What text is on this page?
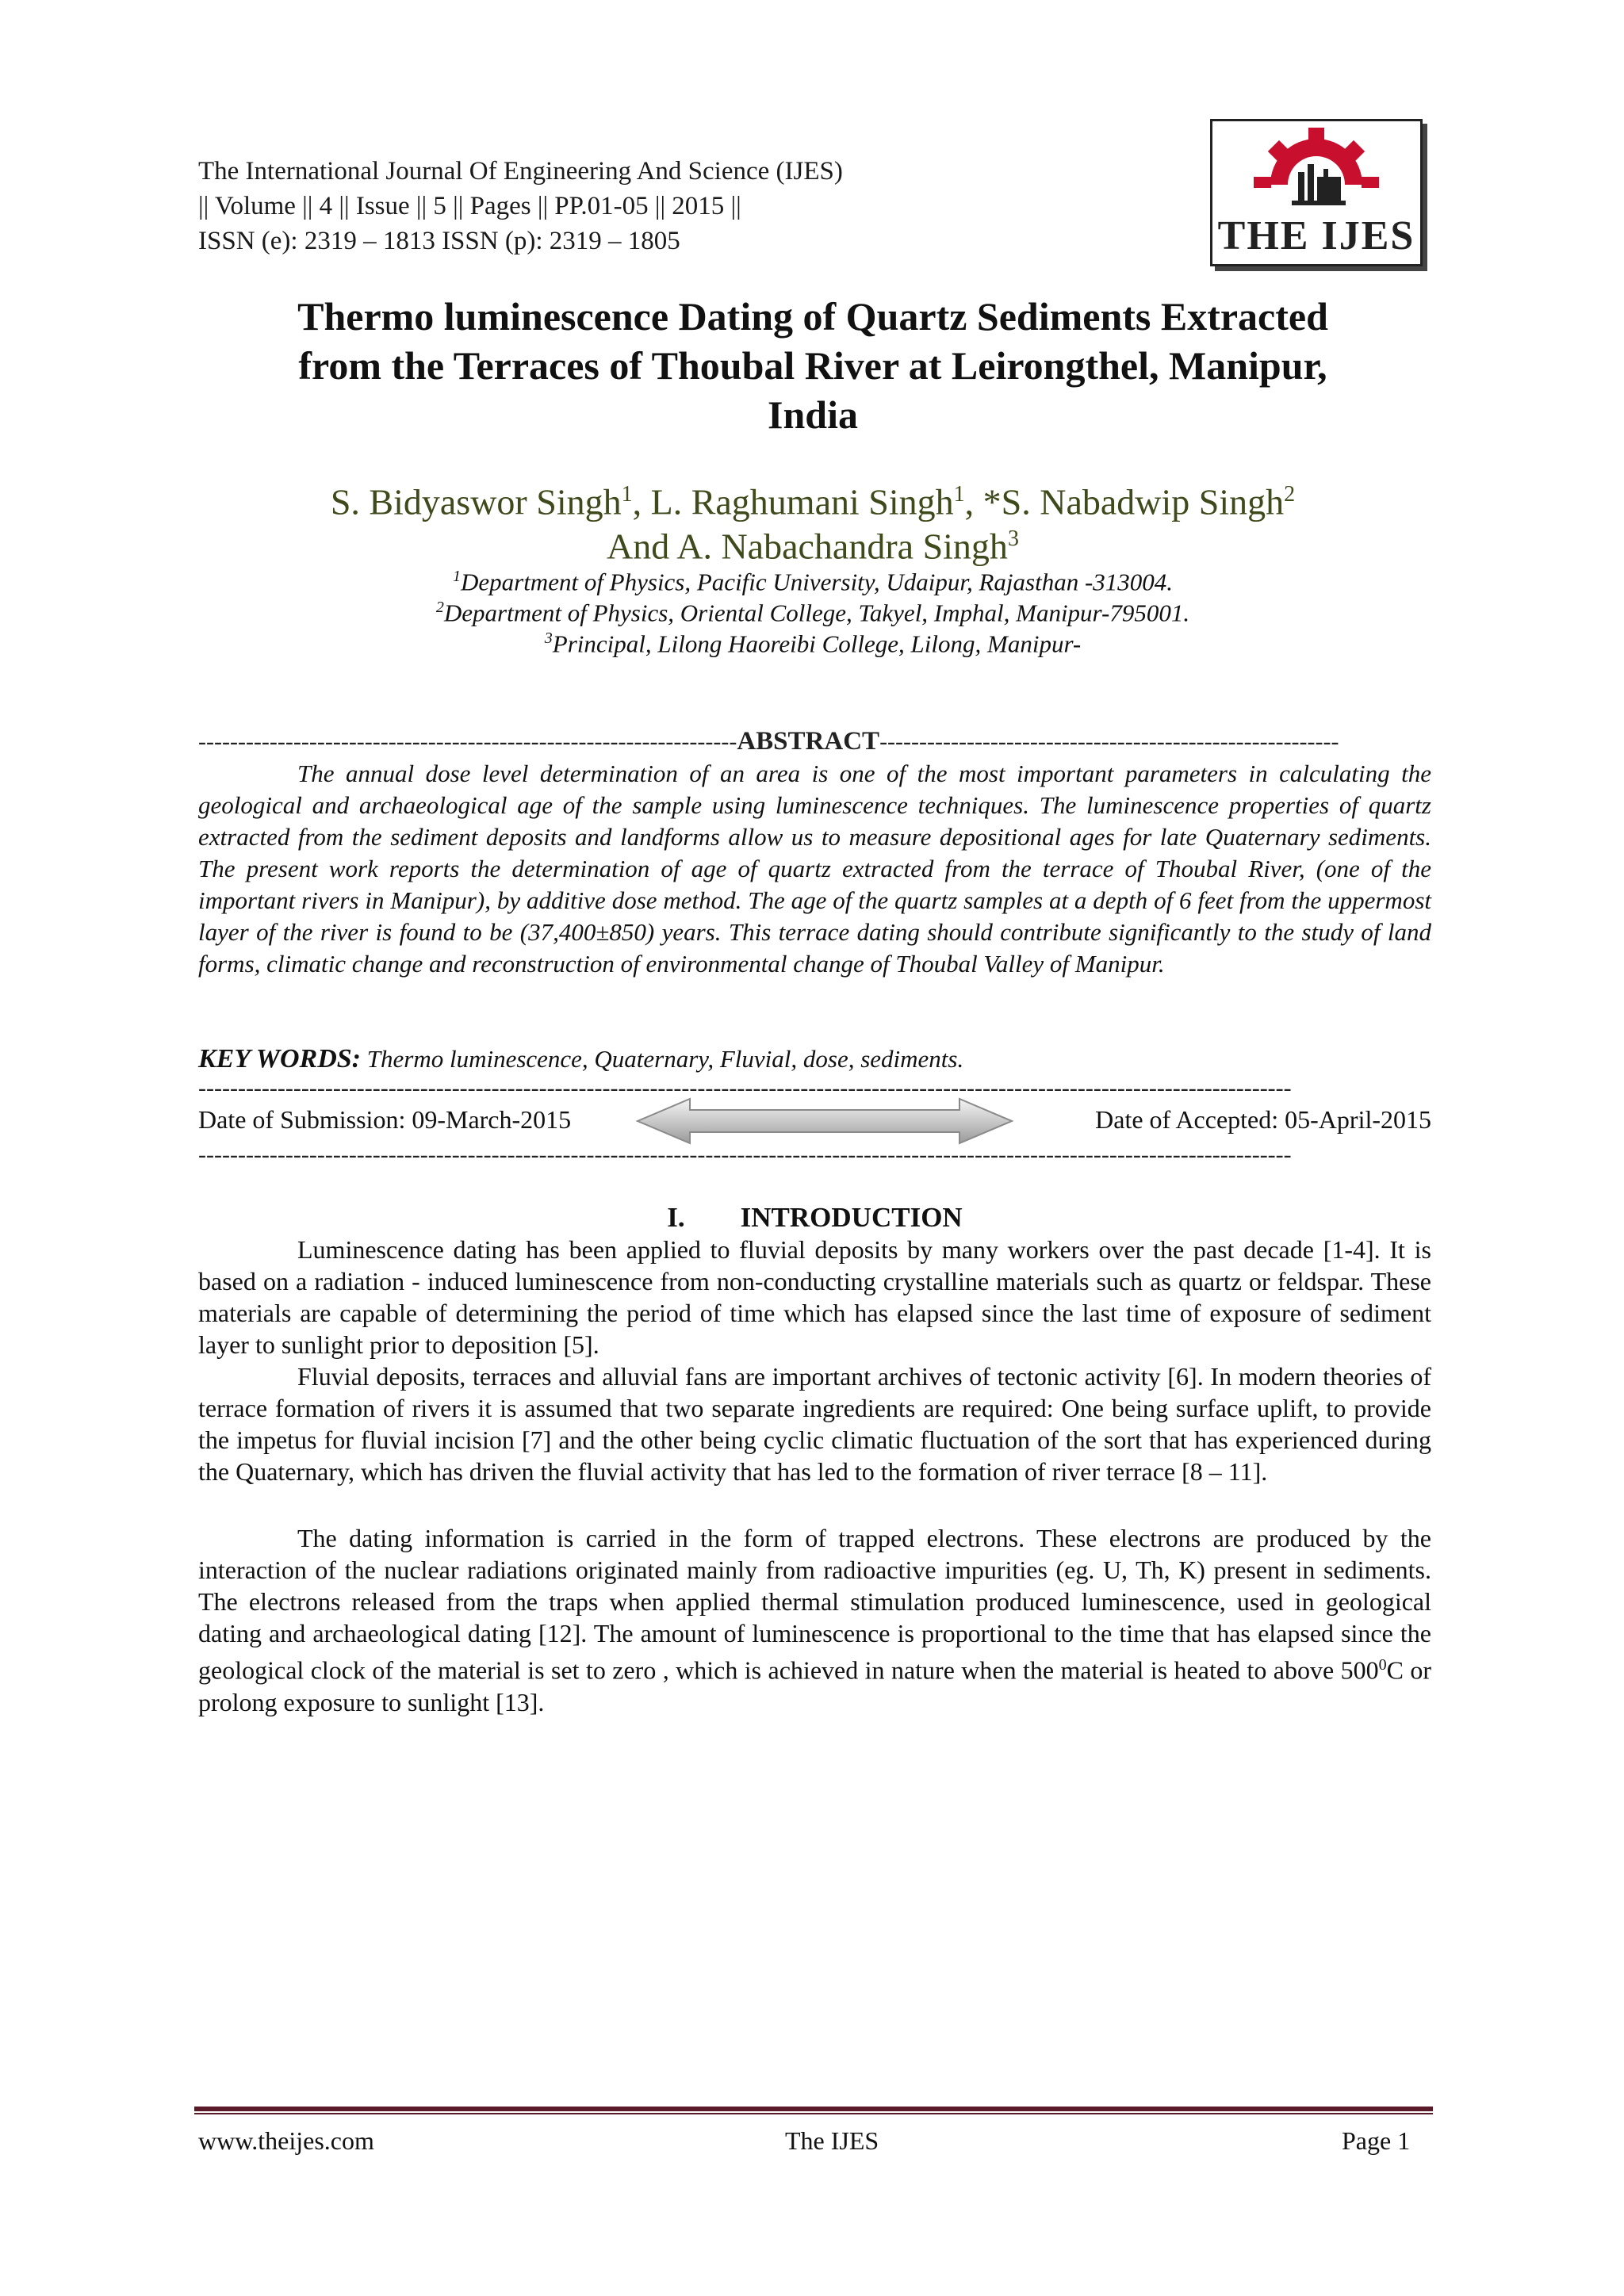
The International Journal Of Engineering And Science (IJES)
|| Volume || 4 || Issue || 5 || Pages || PP.01-05 || 2015 ||
ISSN (e): 2319 – 1813 ISSN (p): 2319 – 1805	THE IJES
Thermo luminescence Dating of Quartz Sediments Extracted
from the Terraces of Thoubal River at Leirongthel, Manipur,
India
S. Bidyaswor Singh$^1$, L. Raghumani Singh$^1$, *S. Nabadwip Singh$^2$
And A. Nabachandra Singh$^3$
$^1$Department of Physics, Pacific University, Udaipur, Rajasthan -313004.
$^2$Department of Physics, Oriental College, Takyel, Imphal, Manipur-795001.
$^3$Principal, Lilong Haoreibi College, Lilong, Manipur-
--------------------------------------------------------------------ABSTRACT----------------------------------------------------------

The annual dose level determination of an area is one of the most important parameters in calculating the geological and archaeological age of the sample using luminescence techniques. The luminescence properties of quartz extracted from the sediment deposits and landforms allow us to measure depositional ages for late Quaternary sediments. The present work reports the determination of age of quartz extracted from the terrace of Thoubal River, (one of the important rivers in Manipur), by additive dose method. The age of the quartz samples at a depth of 6 feet from the uppermost layer of the river is found to be (37,400±850) years. This terrace dating should contribute significantly to the study of land forms, climatic change and reconstruction of environmental change of Thoubal Valley of Manipur.

KEY WORDS: Thermo luminescence, Quaternary, Fluvial, dose, sediments.
------------------------------------------------------------------------------------------------------------------------------------------
Date of Submission: 09-March-2015	Date of Accepted: 05-April-2015
------------------------------------------------------------------------------------------------------------------------------------------
I. INTRODUCTION

Luminescence dating has been applied to fluvial deposits by many workers over the past decade [1-4]. It is based on a radiation - induced luminescence from non-conducting crystalline materials such as quartz or feldspar. These materials are capable of determining the period of time which has elapsed since the last time of exposure of sediment layer to sunlight prior to deposition [5].

Fluvial deposits, terraces and alluvial fans are important archives of tectonic activity [6]. In modern theories of terrace formation of rivers it is assumed that two separate ingredients are required: One being surface uplift, to provide the impetus for fluvial incision [7] and the other being cyclic climatic fluctuation of the sort that has experienced during the Quaternary, which has driven the fluvial activity that has led to the formation of river terrace [8 – 11].

The dating information is carried in the form of trapped electrons. These electrons are produced by the interaction of the nuclear radiations originated mainly from radioactive impurities (eg. U, Th, K) present in sediments. The electrons released from the traps when applied thermal stimulation produced luminescence, used in geological dating and archaeological dating [12]. The amount of luminescence is proportional to the time that has elapsed since the geological clock of the material is set to zero , which is achieved in nature when the material is heated to above $500^0C$ or prolong exposure to sunlight [13].

www.theijes.com	The IJES	Page 1
